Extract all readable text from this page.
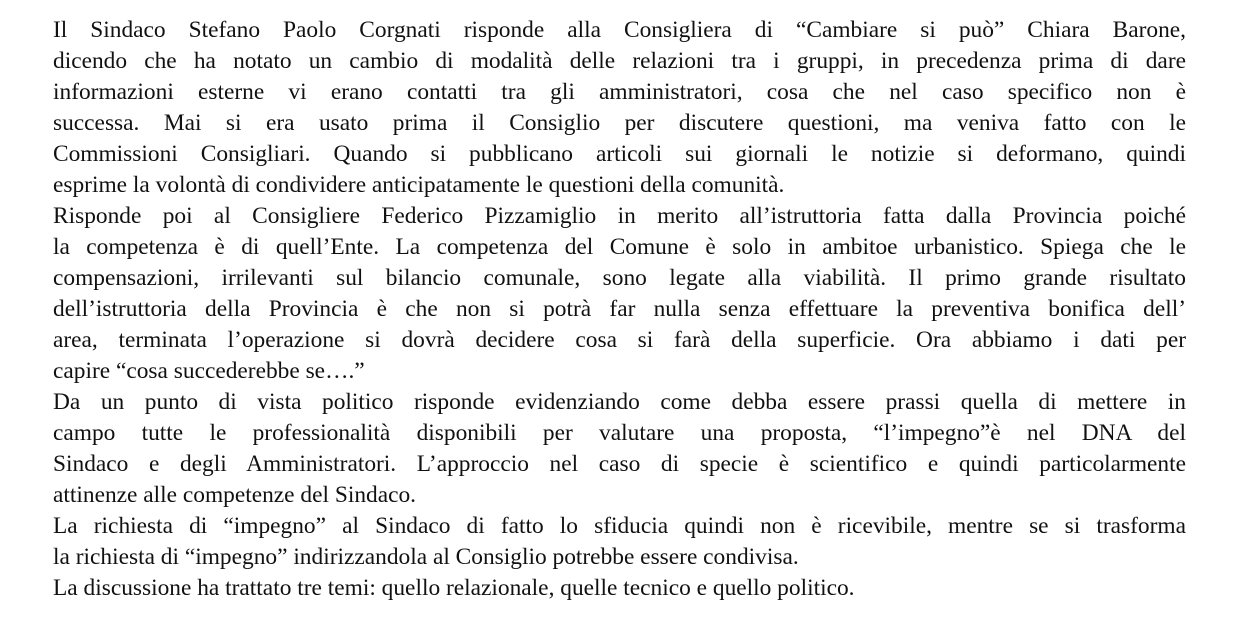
Il Sindaco Stefano Paolo Corgnati risponde alla Consigliera di “Cambiare si può” Chiara Barone,
dicendo che ha notato un cambio di modalità delle relazioni tra i gruppi, in precedenza prima di dare
informazioni esterne vi erano contatti tra gli amministratori, cosa che nel caso specifico non è
successa. Mai si era usato prima il Consiglio per discutere questioni, ma veniva fatto con le
Commissioni Consigliari. Quando si pubblicano articoli sui giornali le notizie si deformano, quindi
esprime la volontà di condividere anticipatamente le questioni della comunità.
Risponde poi al Consigliere Federico Pizzamiglio in merito all’istruttoria fatta dalla Provincia poiché
la competenza è di quell’Ente. La competenza del Comune è solo in ambitoe urbanistico. Spiega che le
compensazioni, irrilevanti sul bilancio comunale, sono legate alla viabilità. Il primo grande risultato
dell’istruttoria della Provincia è che non si potrà far nulla senza effettuare la preventiva bonifica dell’
area, terminata l’operazione si dovrà decidere cosa si farà della superficie. Ora abbiamo i dati per
capire “cosa succederebbe se….”
Da un punto di vista politico risponde evidenziando come debba essere prassi quella di mettere in
campo tutte le professionalità disponibili per valutare una proposta, “l’impegno”è nel DNA del
Sindaco e degli Amministratori. L’approccio nel caso di specie è scientifico e quindi particolarmente
attinenze alle competenze del Sindaco.
La richiesta di “impegno” al Sindaco di fatto lo sfiducia quindi non è ricevibile, mentre se si trasforma
la richiesta di “impegno” indirizzandola al Consiglio potrebbe essere condivisa.
La discussione ha trattato tre temi: quello relazionale, quelle tecnico e quello politico.
